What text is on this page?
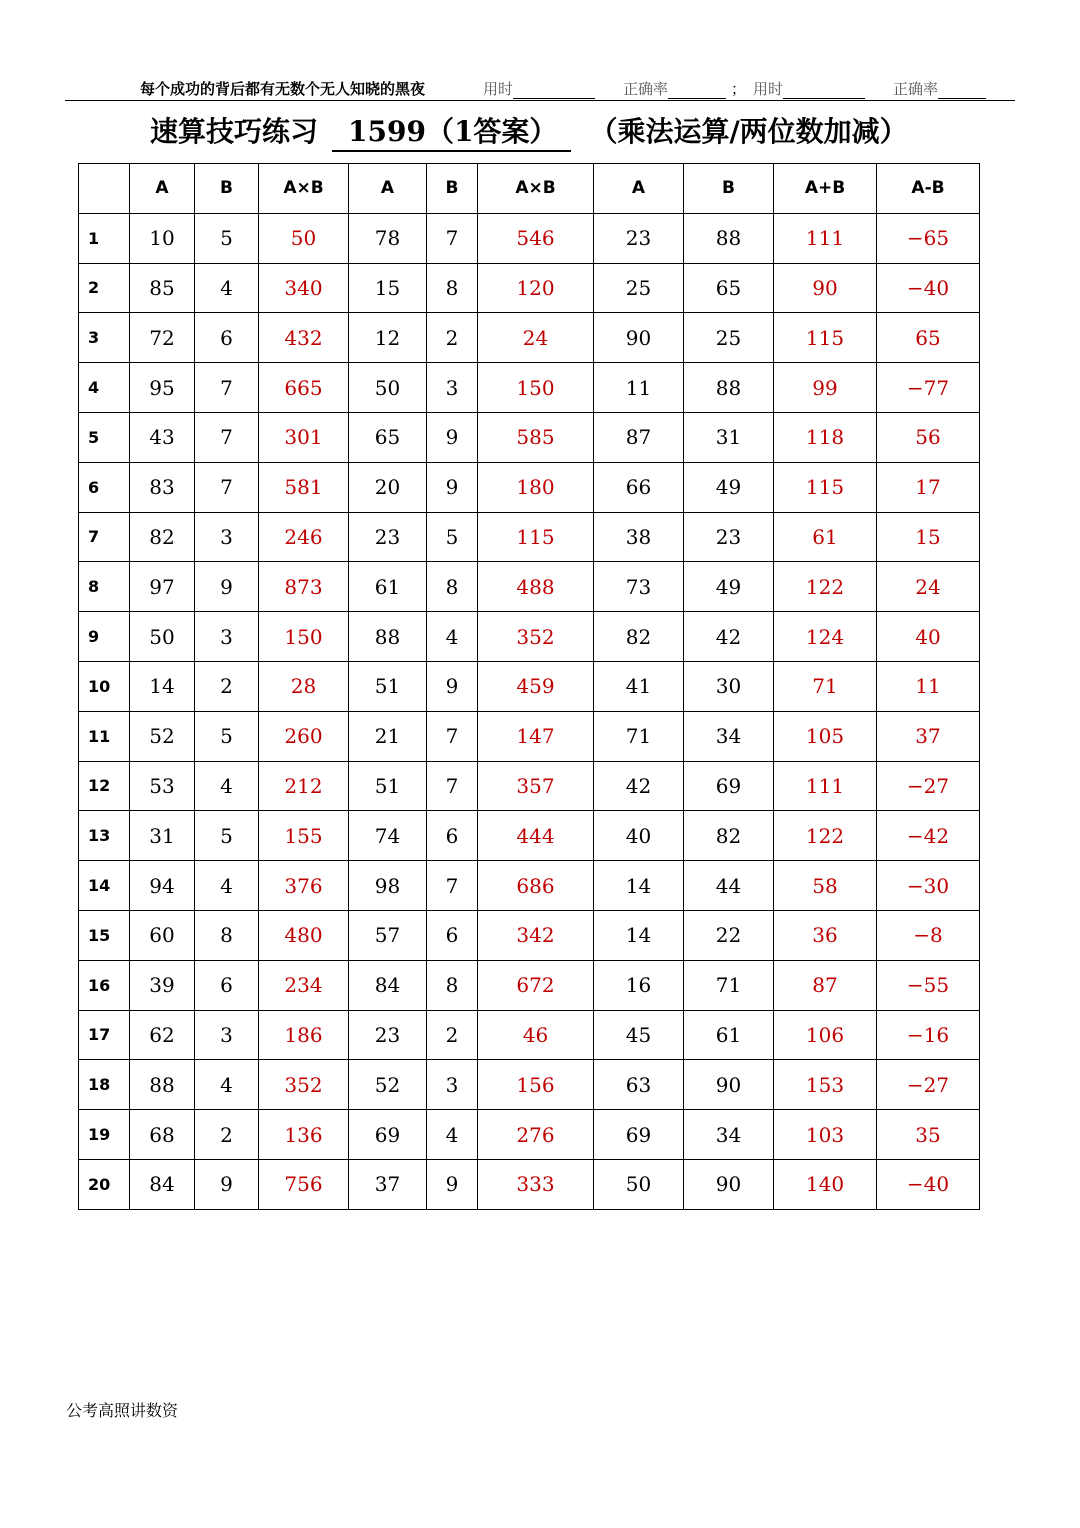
每个成功的背后都有无数个无人知晓的黑夜	用时	正确率	； 用时	正确率
速算技巧练习 1599（1答案） （乘法运算/两位数加减）
	A	B	A×B	A	B	A×B	A	B	A+B	A-B
1	10	5	50	78	7	546	23	88	111	−65
2	85	4	340	15	8	120	25	65	90	−40
3	72	6	432	12	2	24	90	25	115	65
4	95	7	665	50	3	150	11	88	99	−77
5	43	7	301	65	9	585	87	31	118	56
6	83	7	581	20	9	180	66	49	115	17
7	82	3	246	23	5	115	38	23	61	15
8	97	9	873	61	8	488	73	49	122	24
9	50	3	150	88	4	352	82	42	124	40
10	14	2	28	51	9	459	41	30	71	11
11	52	5	260	21	7	147	71	34	105	37
12	53	4	212	51	7	357	42	69	111	−27
13	31	5	155	74	6	444	40	82	122	−42
14	94	4	376	98	7	686	14	44	58	−30
15	60	8	480	57	6	342	14	22	36	−8
16	39	6	234	84	8	672	16	71	87	−55
17	62	3	186	23	2	46	45	61	106	−16
18	88	4	352	52	3	156	63	90	153	−27
19	68	2	136	69	4	276	69	34	103	35
20	84	9	756	37	9	333	50	90	140	−40
公考高照讲数资
